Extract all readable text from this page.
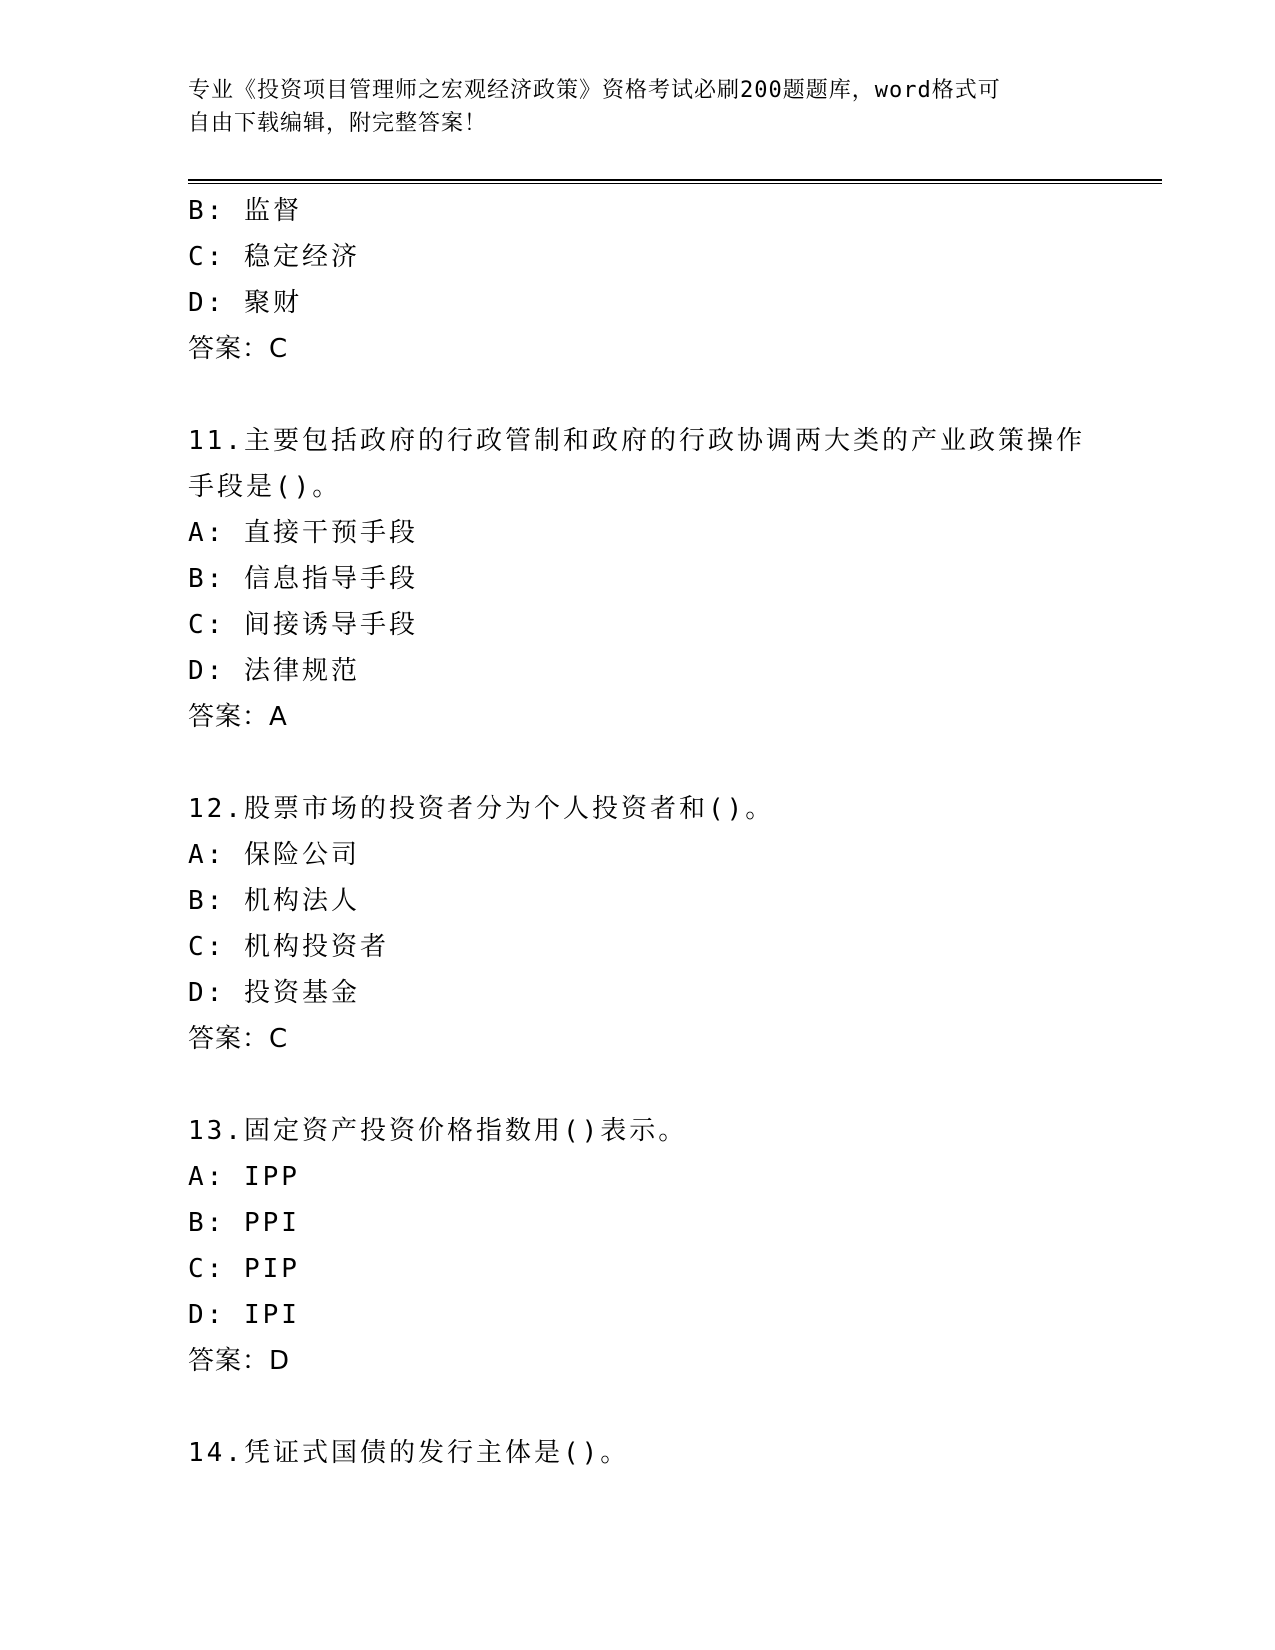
专业《投资项目管理师之宏观经济政策》资格考试必刷200题题库，word格式可
自由下载编辑，附完整答案！
B: 监督
C: 稳定经济
D: 聚财
答案：C
11.主要包括政府的行政管制和政府的行政协调两大类的产业政策操作
手段是()。
A: 直接干预手段
B: 信息指导手段
C: 间接诱导手段
D: 法律规范
答案：A
12.股票市场的投资者分为个人投资者和()。
A: 保险公司
B: 机构法人
C: 机构投资者
D: 投资基金
答案：C
13.固定资产投资价格指数用()表示。
A: IPP
B: PPI
C: PIP
D: IPI
答案：D
14.凭证式国债的发行主体是()。
